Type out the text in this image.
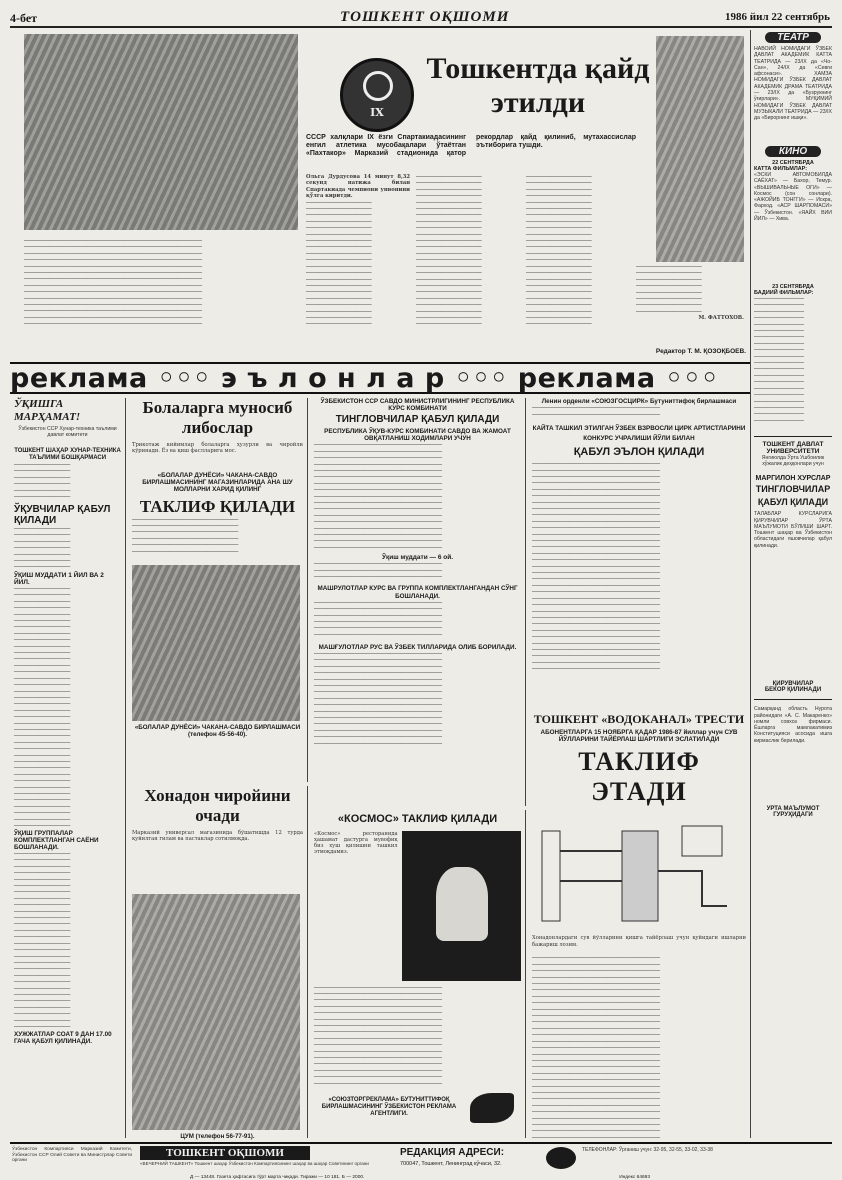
4-бет	ТОШКЕНТ ОҚШОМИ	1986 йил 22 сентябрь
IX
Тошкентда қайд этилди
СССР халқлари IX ёзги Спартакиадасининг енгил атлетика мусобақалари ўтаётган «Пахтакор» Марказий стадионида қатор рекордлар қайд қилиниб, мутахассислар эътиборига тушди.

Ольга Дурдусова 14 минут 8,32 секунд натижа билан Спартакиада чемпиони унвонини қўлга киритди.

─────────────────────

─────────────────────

─────────────────────

─────────────────────

─────────────────────

─────────────────────

─────────────────────

─────────────────────

─────────────────────

─────────────────────

─────────────────────

─────────────────────

─────────────────────

─────────────────────

─────────────────────

─────────────────────

─────────────────────

─────────────────────

─────────────────────

─────────────────────

─────────────────────

─────────────────────

─────────────────────

─────────────────────

─────────────────────

─────────────────────

─────────────────────

─────────────────────

─────────────────────

─────────────────────

─────────────────────

─────────────────────

─────────────────────

─────────────────────

─────────────────────

─────────────────────

─────────────────────

─────────────────────

─────────────────────

─────────────────────

─────────────────────

─────────────────────

─────────────────────

─────────────────────

─────────────────────

─────────────────────

─────────────────────

─────────────────────

─────────────────────

─────────────────────

─────────────────────

─────────────────────

─────────────────────

─────────────────────

─────────────────────

─────────────────────

─────────────────────

─────────────────────

─────────────────────

─────────────────────

─────────────────────

─────────────────────

─────────────────────

─────────────────────

─────────────────────

─────────────────────

─────────────────────

─────────────────────

─────────────────────

─────────────────────

─────────────────────

─────────────────────

─────────────────────

─────────────────────

─────────────────────

─────────────────────

М. ФАТТОХОВ.

─────────────────────────────────────────────────────────

─────────────────────────────────────────────────────────

─────────────────────────────────────────────────────────

─────────────────────────────────────────────────────────

─────────────────────────────────────────────────────────

─────────────────────────────────────────────────────────

─────────────────────────────────────────────────────────

─────────────────────────────────────────────────────────

─────────────────────────────────────────────────────────

─────────────────────────────────────────────────────────

─────────────────────────────────────────────────────────

─────────────────────────────────────────────────────────

─────────────────────────────────────────────────────────

─────────────────────────────────────────────────────────

Редактор Т. М. ҚОЗОҚБОЕВ.
ТЕАТР
НАВОИЙ НОМИДАГИ ЎЗБЕК ДАВЛАТ АКАДЕМИК КАТТА ТЕАТРИДА — 23/IX да «Чо-Сан», 24/IX да «Севги афсонаси». ХАМЗА НОМИДАГИ ЎЗБЕК ДАВЛАТ АКАДЕМИК ДРАМА ТЕАТРИДА — 23/IX да «Бузрукнинг ўғирлари». МУҚИМИЙ НОМИДАГИ ЎЗБЕК ДАВЛАТ МУЗЫКАЛИ ТЕАТРИДА — 23/IX да «Бирорнинг ишқи».
КИНО
22 СЕНТЯБРДА
КАТТА ФИЛЬМЛАР:
«ЭСКИ АВТОМОБИЛДА САЁХАТ» — Бахор, Темур. «ВЫШИВАЛЬНЫЕ ОГИ» — Космос (сон сонлари). «АЖОЙИБ ТОНГГИ» — Искра, Фарход. «АСР ШАРПОМАСИ» — Ўзбекистон. «ЯАЙХ ВИИ ЙИЛ» — Хива.
23 СЕНТЯБРДА
БАДИИЙ ФИЛЬМЛАР:

────────────────

────────────────

────────────────

────────────────

────────────────

────────────────

────────────────

────────────────

────────────────

────────────────

────────────────

────────────────

────────────────

────────────────

────────────────

────────────────

────────────────

────────────────

────────────────

────────────────

ТОШКЕНТ ДАВЛАТ УНИВЕРСИТЕТИ
Янгиюлда Ўрта Ушбоилик хўжалик деҳқонлари учун
МАРГИЛОН ХУРСЛАР
ТИНГЛОВЧИЛАР
ҚАБУЛ ҚИЛАДИ
ТАЛАБЛАР КУРСЛАРИГА ҚИРУВЧИЛАР ЎРТА МАЪЛУМОТИ БЎЛИШИ ШАРТ. Тошкент шаҳар ва Ўзбекистон областидаги яшовчилар қабул қилинади.
ҚИРУВЧИЛАР
БЕКОР ҚИЛИНАДИ
Самарқанд область Нурота районидаги «А. С. Макаренко» номли совхоз фирмаси. Ёшларга мамлакатимиз Конституцияси асосида ишга кирмаслик берилади.
УРТА МАЪЛУМОТ ГУРУҲИДАГИ
реклама ◦◦◦ э ъ л о н л а р ◦◦◦ реклама ◦◦◦
ЎҚИШГА МАРҲАМАТ!
Ўзбекистон ССР Хунар-техника таълими давлат комитети
ТОШКЕНТ ШАҲАР ХУНАР-ТЕХНИКА ТАЪЛИМИ БОШҚАРМАСИ

──────────────────

──────────────────

──────────────────

──────────────────

──────────────────

──────────────────

ЎҚУВЧИЛАР ҚАБУЛ ҚИЛАДИ

──────────────────

──────────────────

──────────────────

──────────────────

──────────────────

──────────────────

──────────────────

ЎҚИШ МУДДАТИ 1 ЙИЛ ВА 2 ЙИЛ.

──────────────────

──────────────────

──────────────────

──────────────────

──────────────────

──────────────────

──────────────────

──────────────────

──────────────────

──────────────────

──────────────────

──────────────────

──────────────────

──────────────────

──────────────────

──────────────────

──────────────────

──────────────────

──────────────────

──────────────────

──────────────────

──────────────────

──────────────────

──────────────────

──────────────────

──────────────────

──────────────────

──────────────────

──────────────────

──────────────────

──────────────────

──────────────────

──────────────────

──────────────────

──────────────────

──────────────────

──────────────────

──────────────────

ЎҚИШ ГРУППАЛАР КОМПЛЕКТЛАНГАН САЁНИ БОШЛАНАДИ.

──────────────────

──────────────────

──────────────────

──────────────────

──────────────────

──────────────────

──────────────────

──────────────────

──────────────────

──────────────────

──────────────────

──────────────────

──────────────────

──────────────────

──────────────────

──────────────────

──────────────────

──────────────────

──────────────────

──────────────────

──────────────────

──────────────────

──────────────────

──────────────────

──────────────────

──────────────────

──────────────────

──────────────────

ХУЖЖАТЛАР СОАТ 9 ДАН 17.00 ГАЧА ҚАБУЛ ҚИЛИНАДИ.
Болаларга муносиб либослар
Трикотаж кийимлар болаларга ҳузурли ва чиройли кўринади. Ёз ва қиш фаслларига мос.
«БОЛАЛАР ДУНЁСИ» ЧАКАНА-САВДО БИРЛАШМАСИНИНГ МАГАЗИНЛАРИДА АНА ШУ МОЛЛАРНИ ХАРИД ҚИЛИНГ
ТАКЛИФ ҚИЛАДИ

──────────────────────────────────

──────────────────────────────────

──────────────────────────────────

──────────────────────────────────

──────────────────────────────────

──────────────────────────────────

«БОЛАЛАР ДУНЁСИ» ЧАКАНА-САВДО БИРЛАШМАСИ (телефон 45-56-40).
Хонадон чиройини очади
Марказий универсал магазинида бўшатишда 12 турда қуйилган гилам ва пастаклар сотилмоқда.
ЦУМ (телефон 56-77-91).
ЎЗБЕКИСТОН ССР САВДО МИНИСТРЛИГИНИНГ РЕСПУБЛИКА КУРС КОМБИНАТИ
ТИНГЛОВЧИЛАР ҚАБУЛ ҚИЛАДИ
РЕСПУБЛИКА ЎҚУВ-КУРС КОМБИНАТИ САВДО ВА ЖАМОАТ ОВҚАТЛАНИШ ХОДИМЛАРИ УЧУН

─────────────────────────────────────────

─────────────────────────────────────────

─────────────────────────────────────────

─────────────────────────────────────────

─────────────────────────────────────────

─────────────────────────────────────────

─────────────────────────────────────────

─────────────────────────────────────────

─────────────────────────────────────────

─────────────────────────────────────────

─────────────────────────────────────────

─────────────────────────────────────────

─────────────────────────────────────────

─────────────────────────────────────────

─────────────────────────────────────────

─────────────────────────────────────────

─────────────────────────────────────────

Ўқиш муддати — 6 ой.

─────────────────────────────────────────

─────────────────────────────────────────

─────────────────────────────────────────

МАШРУЛОТЛАР КУРС ВА ГРУППА КОМПЛЕКТЛАНГАНДАН СЎНГ БОШЛАНАДИ.

─────────────────────────────────────────

─────────────────────────────────────────

─────────────────────────────────────────

─────────────────────────────────────────

─────────────────────────────────────────

─────────────────────────────────────────

МАШҒУЛОТЛАР РУС ВА ЎЗБЕК ТИЛЛАРИДА ОЛИБ БОРИЛАДИ.

─────────────────────────────────────────

─────────────────────────────────────────

─────────────────────────────────────────

─────────────────────────────────────────

─────────────────────────────────────────

─────────────────────────────────────────

─────────────────────────────────────────

─────────────────────────────────────────

─────────────────────────────────────────

─────────────────────────────────────────

─────────────────────────────────────────

─────────────────────────────────────────

─────────────────────────────────────────

─────────────────────────────────────────

─────────────────────────────────────────

«КОСМОС» ТАКЛИФ ҚИЛАДИ
«Космос» ресторанида ҳашамат дастурга мувофиқ биз хуш қилишни ташкил этмоқдамиз.

─────────────────────────────────────────

─────────────────────────────────────────

─────────────────────────────────────────

─────────────────────────────────────────

─────────────────────────────────────────

─────────────────────────────────────────

─────────────────────────────────────────

─────────────────────────────────────────

─────────────────────────────────────────

─────────────────────────────────────────

─────────────────────────────────────────

─────────────────────────────────────────

─────────────────────────────────────────

─────────────────────────────────────────

─────────────────────────────────────────

─────────────────────────────────────────

«СОЮЗТОРГРЕКЛАМА» БУТУНИТТИФОҚ БИРЛАШМАСИНИНГ ЎЗБЕКИСТОН РЕКЛАМА АГЕНТЛИГИ.
Ленин орденли «СОЮЗГОСЦИРК» Бутуниттифоқ бирлашмаси

─────────────────────────────────────────

─────────────────────────────────────────

КАЙТА ТАШКИЛ ЭТИЛГАН ЎЗБЕК ВЗРВОСЛИ ЦИРК АРТИСТЛАРИНИ
КОНКУРС УЧРАЛИШИ ЙЎЛИ БИЛАН
ҚАБУЛ ЭЪЛОН ҚИЛАДИ

─────────────────────────────────────────

─────────────────────────────────────────

─────────────────────────────────────────

─────────────────────────────────────────

─────────────────────────────────────────

─────────────────────────────────────────

─────────────────────────────────────────

─────────────────────────────────────────

─────────────────────────────────────────

─────────────────────────────────────────

─────────────────────────────────────────

─────────────────────────────────────────

─────────────────────────────────────────

─────────────────────────────────────────

─────────────────────────────────────────

─────────────────────────────────────────

─────────────────────────────────────────

─────────────────────────────────────────

─────────────────────────────────────────

─────────────────────────────────────────

─────────────────────────────────────────

─────────────────────────────────────────

─────────────────────────────────────────

─────────────────────────────────────────

─────────────────────────────────────────

─────────────────────────────────────────

─────────────────────────────────────────

─────────────────────────────────────────

─────────────────────────────────────────

─────────────────────────────────────────

─────────────────────────────────────────

─────────────────────────────────────────

─────────────────────────────────────────

ТОШКЕНТ «ВОДОКАНАЛ» ТРЕСТИ
АБОНЕНТЛАРГА 15 НОЯБРГА ҚАДАР 1986-87 йиллар учун СУВ ЙЎЛЛАРИНИ ТАЙЁРЛАШ ШАРТЛИГИ ЭСЛАТИЛАДИ
ТАКЛИФ ЭТАДИ
Хонадонлардаги сув йўлларини қишга тайёрлаш учун қуйидаги ишларни бажариш лозим.

─────────────────────────────────────────

─────────────────────────────────────────

─────────────────────────────────────────

─────────────────────────────────────────

─────────────────────────────────────────

─────────────────────────────────────────

─────────────────────────────────────────

─────────────────────────────────────────

─────────────────────────────────────────

─────────────────────────────────────────

─────────────────────────────────────────

─────────────────────────────────────────

─────────────────────────────────────────

─────────────────────────────────────────

─────────────────────────────────────────

─────────────────────────────────────────

─────────────────────────────────────────

─────────────────────────────────────────

─────────────────────────────────────────

─────────────────────────────────────────

─────────────────────────────────────────

─────────────────────────────────────────

─────────────────────────────────────────

─────────────────────────────────────────

─────────────────────────────────────────

─────────────────────────────────────────

─────────────────────────────────────────

─────────────────────────────────────────

─────────────────────────────────────────

─────────────────────────────────────────

Ўзбекистон Компартияси Марказий Комитети, Ўзбекистон ССР Олий Совети ва Министрлар Совети органи
ТОШКЕНТ ОҚШОМИ
«ВЕЧЕРНИЙ ТАШКЕНТ» Тошкент шаҳар Ўзбекистон Компартиясининг шаҳар ва шаҳар Советининг органи
РЕДАКЦИЯ АДРЕСИ:
700047, Тошкент, Ленинград кўчаси, 32.
ТЕЛЕФОНЛАР: Ўрганиш учун: 32-95, 32-55, 33-02, 33-38
Д — 13448. Газета ҳафтасига тўрт марта чиқади. Тиражи — 10 181. Б — 2000.	Индекс 64693
